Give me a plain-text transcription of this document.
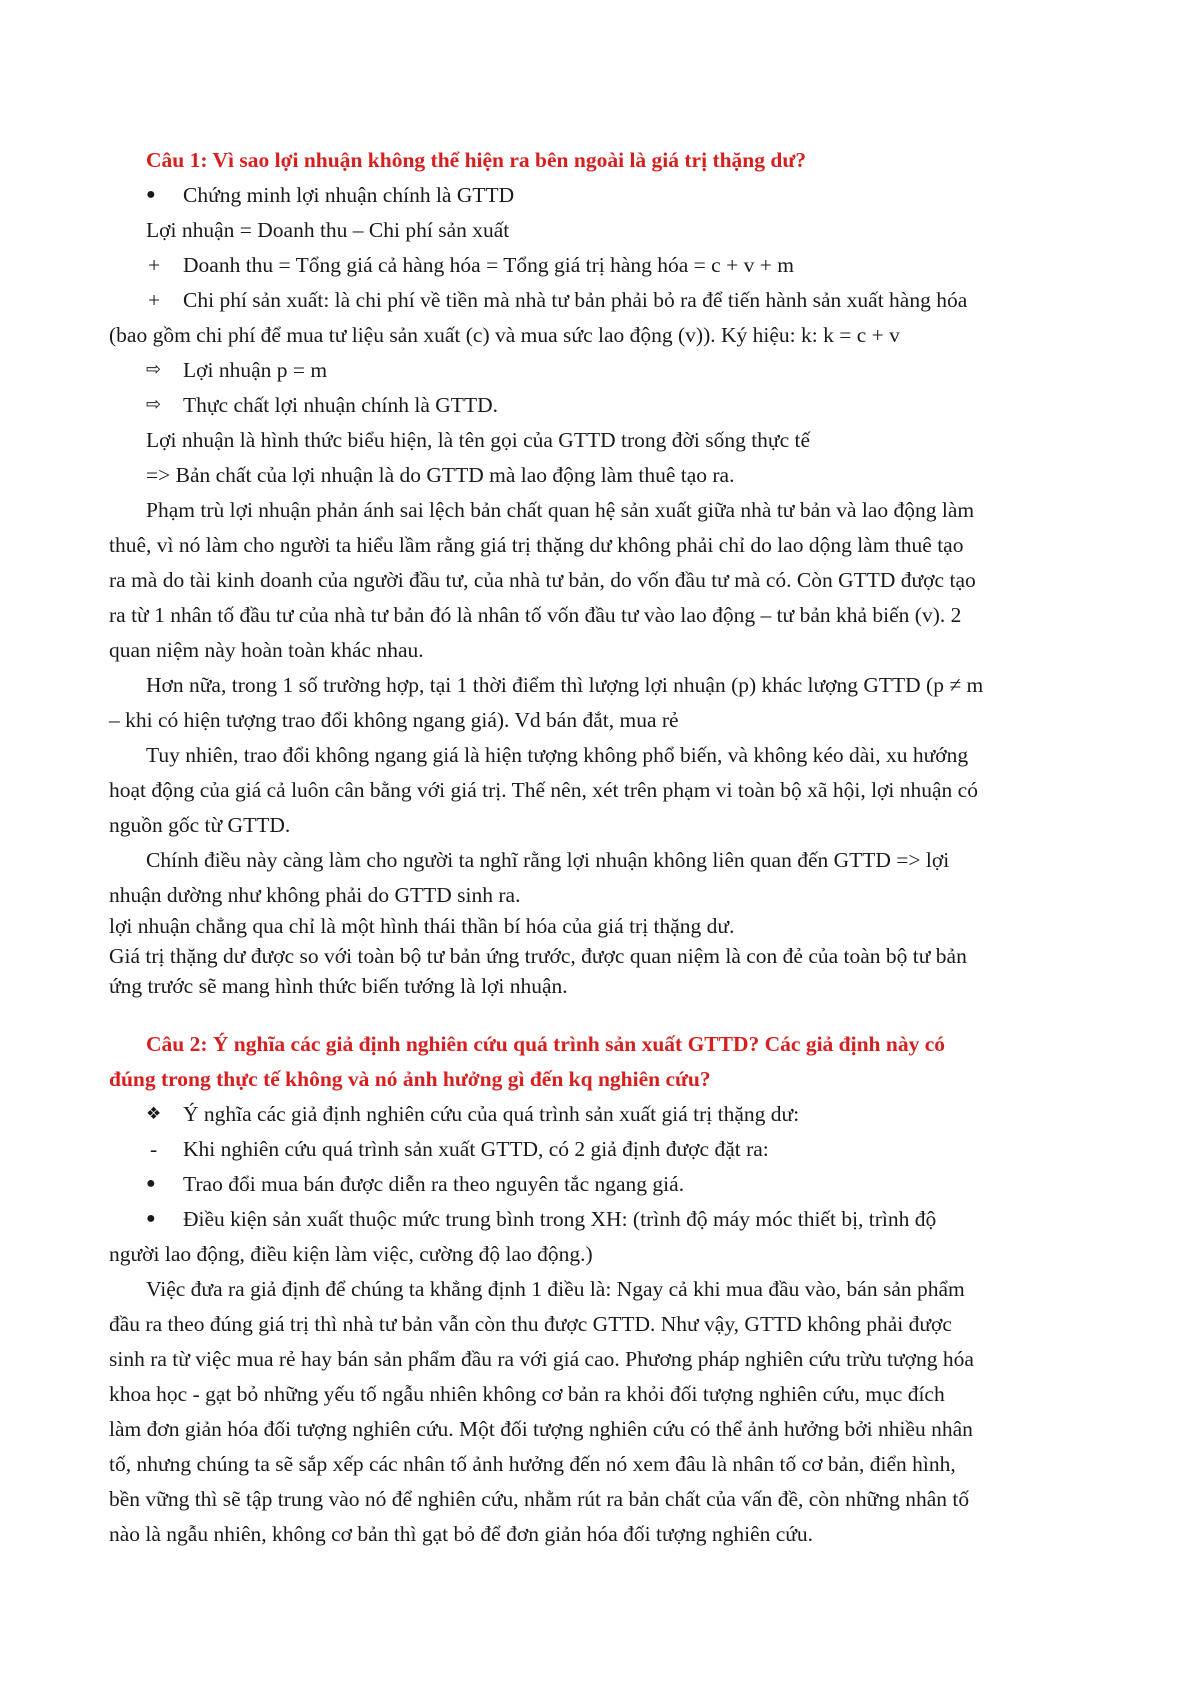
Câu 1: Vì sao lợi nhuận không thể hiện ra bên ngoài là giá trị thặng dư?
● Chứng minh lợi nhuận chính là GTTD
Lợi nhuận = Doanh thu – Chi phí sản xuất
+ Doanh thu = Tổng giá cả hàng hóa = Tổng giá trị hàng hóa = c + v + m
+ Chi phí sản xuất: là chi phí về tiền mà nhà tư bản phải bỏ ra để tiến hành sản xuất hàng hóa
(bao gồm chi phí để mua tư liệu sản xuất (c) và mua sức lao động (v)). Ký hiệu: k: k = c + v
⇨ Lợi nhuận p = m
⇨ Thực chất lợi nhuận chính là GTTD.
Lợi nhuận là hình thức biểu hiện, là tên gọi của GTTD trong đời sống thực tế
=> Bản chất của lợi nhuận là do GTTD mà lao động làm thuê tạo ra.
Phạm trù lợi nhuận phản ánh sai lệch bản chất quan hệ sản xuất giữa nhà tư bản và lao động làm
thuê, vì nó làm cho người ta hiểu lầm rằng giá trị thặng dư không phải chỉ do lao dộng làm thuê tạo
ra mà do tài kinh doanh của người đầu tư, của nhà tư bản, do vốn đầu tư mà có. Còn GTTD được tạo
ra từ 1 nhân tố đầu tư của nhà tư bản đó là nhân tố vốn đầu tư vào lao động – tư bản khả biến (v). 2
quan niệm này hoàn toàn khác nhau.
Hơn nữa, trong 1 số trường hợp, tại 1 thời điểm thì lượng lợi nhuận (p) khác lượng GTTD (p ≠ m
– khi có hiện tượng trao đổi không ngang giá). Vd bán đắt, mua rẻ
Tuy nhiên, trao đổi không ngang giá là hiện tượng không phổ biến, và không kéo dài, xu hướng
hoạt động của giá cả luôn cân bằng với giá trị. Thế nên, xét trên phạm vi toàn bộ xã hội, lợi nhuận có
nguồn gốc từ GTTD.
Chính điều này càng làm cho người ta nghĩ rằng lợi nhuận không liên quan đến GTTD => lợi
nhuận dường như không phải do GTTD sinh ra.
lợi nhuận chẳng qua chỉ là một hình thái thần bí hóa của giá trị thặng dư.
Giá trị thặng dư được so với toàn bộ tư bản ứng trước, được quan niệm là con đẻ của toàn bộ tư bản
ứng trước sẽ mang hình thức biến tướng là lợi nhuận.
Câu 2: Ý nghĩa các giả định nghiên cứu quá trình sản xuất GTTD? Các giả định này có
đúng trong thực tế không và nó ảnh hưởng gì đến kq nghiên cứu?
❖ Ý nghĩa các giả định nghiên cứu của quá trình sản xuất giá trị thặng dư:
- Khi nghiên cứu quá trình sản xuất GTTD, có 2 giả định được đặt ra:
● Trao đổi mua bán được diễn ra theo nguyên tắc ngang giá.
● Điều kiện sản xuất thuộc mức trung bình trong XH: (trình độ máy móc thiết bị, trình độ
người lao động, điều kiện làm việc, cường độ lao động.)
Việc đưa ra giả định để chúng ta khẳng định 1 điều là: Ngay cả khi mua đầu vào, bán sản phẩm
đầu ra theo đúng giá trị thì nhà tư bản vẫn còn thu được GTTD. Như vậy, GTTD không phải được
sinh ra từ việc mua rẻ hay bán sản phẩm đầu ra với giá cao. Phương pháp nghiên cứu trừu tượng hóa
khoa học - gạt bỏ những yếu tố ngẫu nhiên không cơ bản ra khỏi đối tượng nghiên cứu, mục đích
làm đơn giản hóa đối tượng nghiên cứu. Một đối tượng nghiên cứu có thể ảnh hưởng bởi nhiều nhân
tố, nhưng chúng ta sẽ sắp xếp các nhân tố ảnh hưởng đến nó xem đâu là nhân tố cơ bản, điển hình,
bền vững thì sẽ tập trung vào nó để nghiên cứu, nhằm rút ra bản chất của vấn đề, còn những nhân tố
nào là ngẫu nhiên, không cơ bản thì gạt bỏ để đơn giản hóa đối tượng nghiên cứu.
